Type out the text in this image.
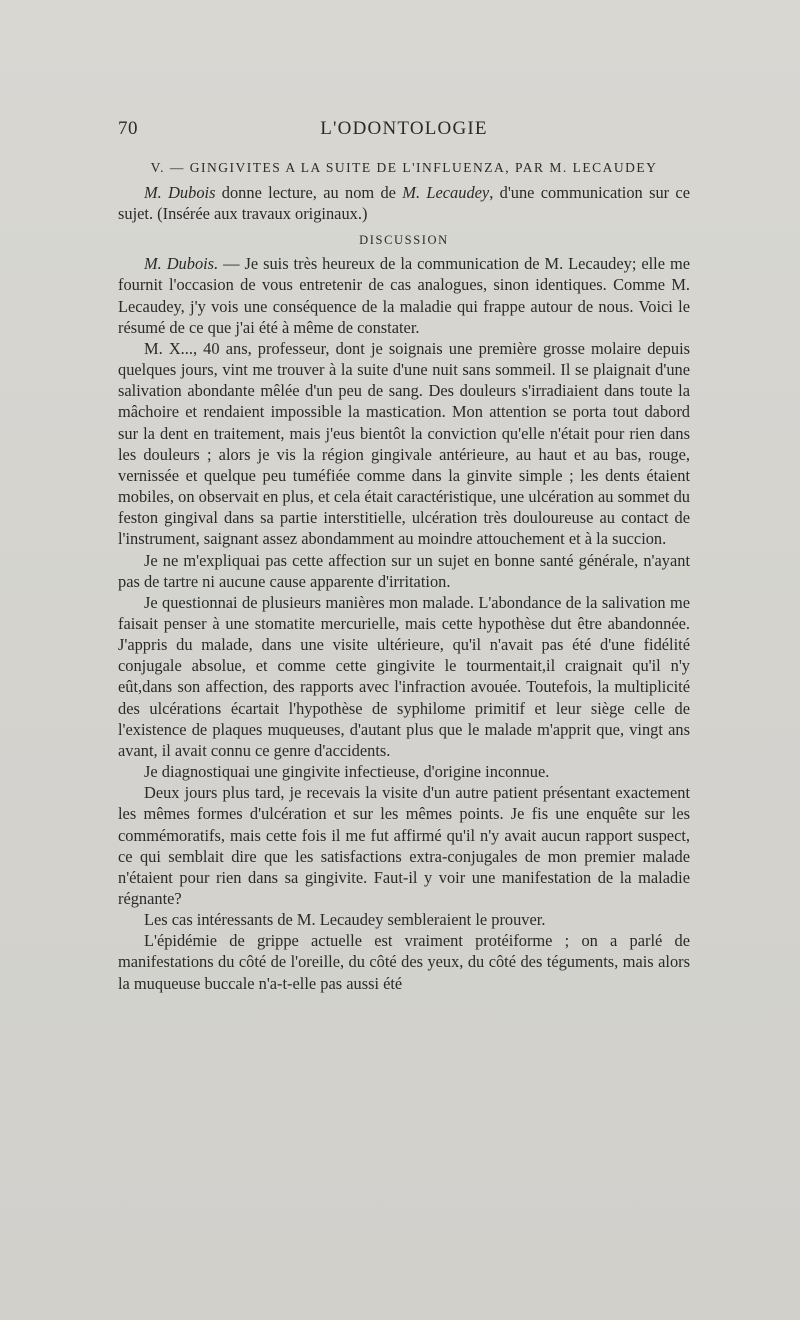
70	L'ODONTOLOGIE
V. — GINGIVITES A LA SUITE DE L'INFLUENZA, PAR M. LECAUDEY

M. Dubois donne lecture, au nom de M. Lecaudey, d'une communication sur ce sujet. (Insérée aux travaux originaux.)

DISCUSSION

M. Dubois. — Je suis très heureux de la communication de M. Lecaudey; elle me fournit l'occasion de vous entretenir de cas analogues, sinon identiques. Comme M. Lecaudey, j'y vois une conséquence de la maladie qui frappe autour de nous. Voici le résumé de ce que j'ai été à même de constater.

M. X..., 40 ans, professeur, dont je soignais une première grosse molaire depuis quelques jours, vint me trouver à la suite d'une nuit sans sommeil. Il se plaignait d'une salivation abondante mêlée d'un peu de sang. Des douleurs s'irradiaient dans toute la mâchoire et rendaient impossible la mastication. Mon attention se porta tout dabord sur la dent en traitement, mais j'eus bientôt la conviction qu'elle n'était pour rien dans les douleurs ; alors je vis la région gingivale antérieure, au haut et au bas, rouge, vernissée et quelque peu tuméfiée comme dans la ginvite simple ; les dents étaient mobiles, on observait en plus, et cela était caractéristique, une ulcération au sommet du feston gingival dans sa partie interstitielle, ulcération très douloureuse au contact de l'instrument, saignant assez abondamment au moindre attouchement et à la succion.

Je ne m'expliquai pas cette affection sur un sujet en bonne santé générale, n'ayant pas de tartre ni aucune cause apparente d'irritation.

Je questionnai de plusieurs manières mon malade. L'abondance de la salivation me faisait penser à une stomatite mercurielle, mais cette hypothèse dut être abandonnée. J'appris du malade, dans une visite ultérieure, qu'il n'avait pas été d'une fidélité conjugale absolue, et comme cette gingivite le tourmentait,il craignait qu'il n'y eût,dans son affection, des rapports avec l'infraction avouée. Toutefois, la multiplicité des ulcérations écartait l'hypothèse de syphilome primitif et leur siège celle de l'existence de plaques muqueuses, d'autant plus que le malade m'apprit que, vingt ans avant, il avait connu ce genre d'accidents.

Je diagnostiquai une gingivite infectieuse, d'origine inconnue.

Deux jours plus tard, je recevais la visite d'un autre patient présentant exactement les mêmes formes d'ulcération et sur les mêmes points. Je fis une enquête sur les commémoratifs, mais cette fois il me fut affirmé qu'il n'y avait aucun rapport suspect, ce qui semblait dire que les satisfactions extra-conjugales de mon premier malade n'étaient pour rien dans sa gingivite. Faut-il y voir une manifestation de la maladie régnante?

Les cas intéressants de M. Lecaudey sembleraient le prouver.

L'épidémie de grippe actuelle est vraiment protéiforme ; on a parlé de manifestations du côté de l'oreille, du côté des yeux, du côté des téguments, mais alors la muqueuse buccale n'a-t-elle pas aussi été
